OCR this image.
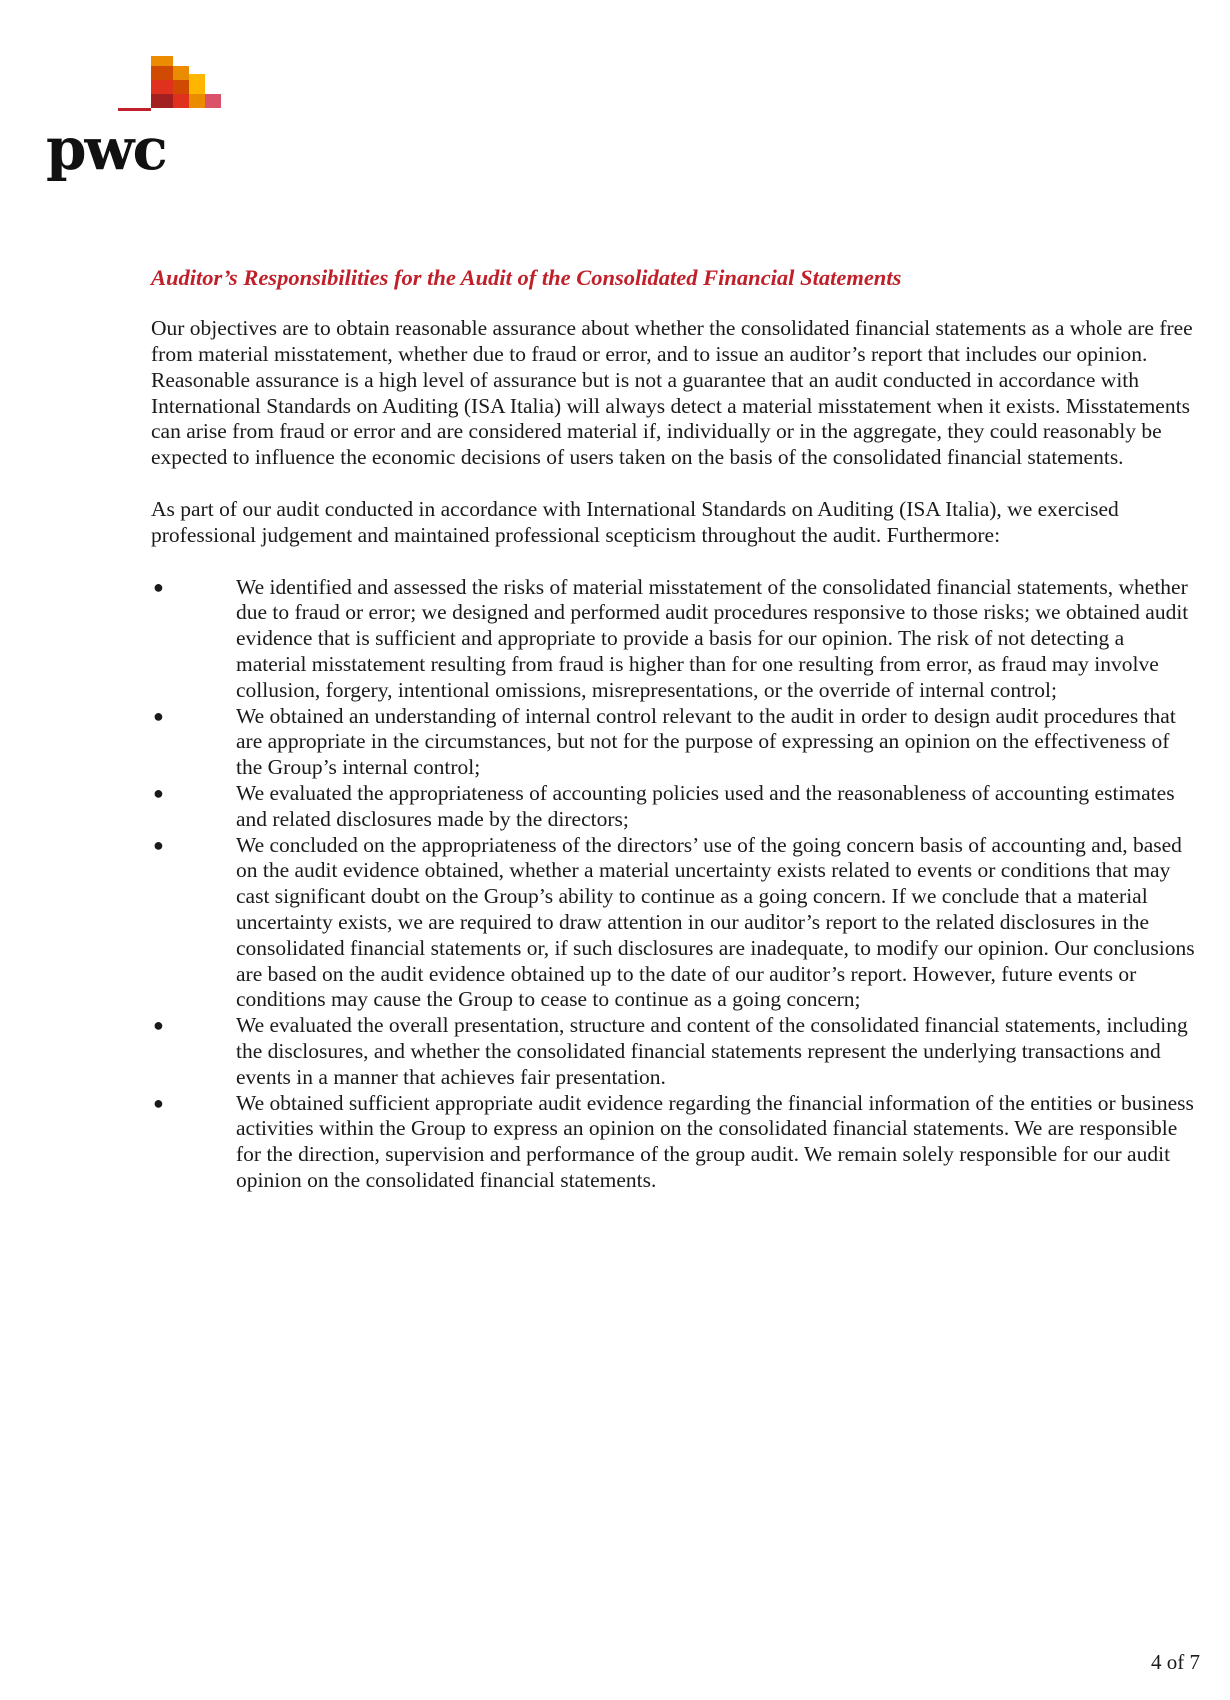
pwc
Auditor’s Responsibilities for the Audit of the Consolidated Financial Statements

Our objectives are to obtain reasonable assurance about whether the consolidated financial statements as a whole are free from material misstatement, whether due to fraud or error, and to issue an auditor’s report that includes our opinion. Reasonable assurance is a high level of assurance but is not a guarantee that an audit conducted in accordance with International Standards on Auditing (ISA Italia) will always detect a material misstatement when it exists. Misstatements can arise from fraud or error and are considered material if, individually or in the aggregate, they could reasonably be expected to influence the economic decisions of users taken on the basis of the consolidated financial statements.

As part of our audit conducted in accordance with International Standards on Auditing (ISA Italia), we exercised professional judgement and maintained professional scepticism throughout the audit. Furthermore:

●	We identified and assessed the risks of material misstatement of the consolidated financial statements, whether due to fraud or error; we designed and performed audit procedures responsive to those risks; we obtained audit evidence that is sufficient and appropriate to provide a basis for our opinion. The risk of not detecting a material misstatement resulting from fraud is higher than for one resulting from error, as fraud may involve collusion, forgery, intentional omissions, misrepresentations, or the override of internal control;
●	We obtained an understanding of internal control relevant to the audit in order to design audit procedures that are appropriate in the circumstances, but not for the purpose of expressing an opinion on the effectiveness of the Group’s internal control;
●	We evaluated the appropriateness of accounting policies used and the reasonableness of accounting estimates and related disclosures made by the directors;
●	We concluded on the appropriateness of the directors’ use of the going concern basis of accounting and, based on the audit evidence obtained, whether a material uncertainty exists related to events or conditions that may cast significant doubt on the Group’s ability to continue as a going concern. If we conclude that a material uncertainty exists, we are required to draw attention in our auditor’s report to the related disclosures in the consolidated financial statements or, if such disclosures are inadequate, to modify our opinion. Our conclusions are based on the audit evidence obtained up to the date of our auditor’s report. However, future events or conditions may cause the Group to cease to continue as a going concern;
●	We evaluated the overall presentation, structure and content of the consolidated financial statements, including the disclosures, and whether the consolidated financial statements represent the underlying transactions and events in a manner that achieves fair presentation.
●	We obtained sufficient appropriate audit evidence regarding the financial information of the entities or business activities within the Group to express an opinion on the consolidated financial statements. We are responsible for the direction, supervision and performance of the group audit. We remain solely responsible for our audit opinion on the consolidated financial statements.
4 of 7
